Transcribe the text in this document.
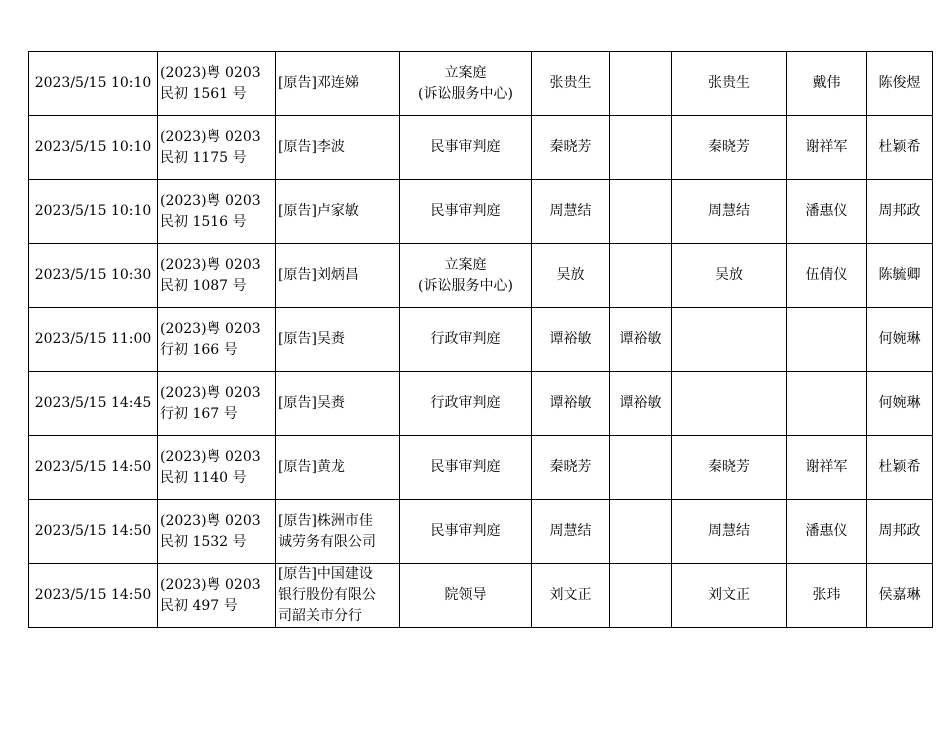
2023/5/15 10:10	(2023)粤 0203
民初 1561 号	[原告]邓连娣	立案庭
(诉讼服务中心)	张贵生		张贵生	戴伟	陈俊煜
2023/5/15 10:10	(2023)粤 0203
民初 1175 号	[原告]李波	民事审判庭	秦晓芳		秦晓芳	谢祥军	杜颖希
2023/5/15 10:10	(2023)粤 0203
民初 1516 号	[原告]卢家敏	民事审判庭	周慧结		周慧结	潘惠仪	周邦政
2023/5/15 10:30	(2023)粤 0203
民初 1087 号	[原告]刘炳昌	立案庭
(诉讼服务中心)	吴放		吴放	伍倩仪	陈毓卿
2023/5/15 11:00	(2023)粤 0203
行初 166 号	[原告]吴赉	行政审判庭	谭裕敏	谭裕敏			何婉琳
2023/5/15 14:45	(2023)粤 0203
行初 167 号	[原告]吴赉	行政审判庭	谭裕敏	谭裕敏			何婉琳
2023/5/15 14:50	(2023)粤 0203
民初 1140 号	[原告]黄龙	民事审判庭	秦晓芳		秦晓芳	谢祥军	杜颖希
2023/5/15 14:50	(2023)粤 0203
民初 1532 号	[原告]株洲市佳
诚劳务有限公司	民事审判庭	周慧结		周慧结	潘惠仪	周邦政
2023/5/15 14:50	(2023)粤 0203
民初 497 号	[原告]中国建设
银行股份有限公
司韶关市分行	院领导	刘文正		刘文正	张玮	侯嘉琳
